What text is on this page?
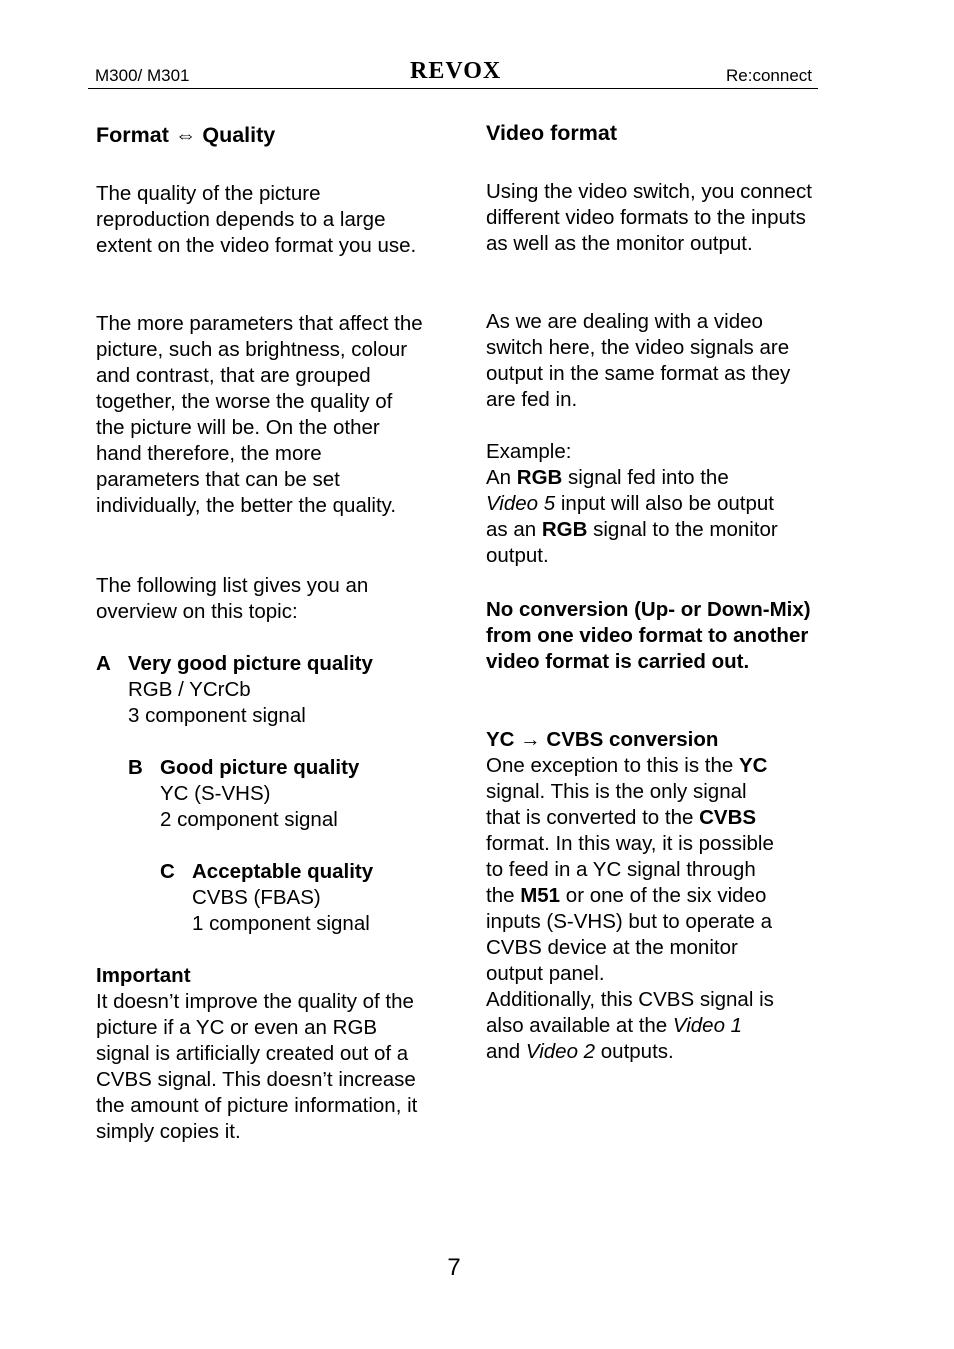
M300/ M301	REVOX	Re:connect
Format ⇔ Quality

The quality of the picture reproduction depends to a large extent on the video format you use.

The more parameters that affect the picture, such as brightness, colour and contrast, that are grouped together, the worse the quality of the picture will be. On the other hand therefore, the more parameters that can be set individually, the better the quality.

The following list gives you an overview on this topic:

A Very good picture quality
RGB / YCrCb
3 component signal
B Good picture quality
YC (S-VHS)
2 component signal
C Acceptable quality
CVBS (FBAS)
1 component signal
Important

It doesn’t improve the quality of the picture if a YC or even an RGB signal is artificially created out of a CVBS signal. This doesn’t increase the amount of picture information, it simply copies it.

Video format

Using the video switch, you connect different video formats to the inputs as well as the monitor output.

As we are dealing with a video switch here, the video signals are output in the same format as they are fed in.

Example:
An RGB signal fed into the
Video 5 input will also be output
as an RGB signal to the monitor
output.

No conversion (Up- or Down-Mix) from one video format to another video format is carried out.

YC → CVBS conversion
One exception to this is the YC
signal. This is the only signal
that is converted to the CVBS
format. In this way, it is possible
to feed in a YC signal through
the M51 or one of the six video
inputs (S-VHS) but to operate a
CVBS device at the monitor
output panel.
Additionally, this CVBS signal is
also available at the Video 1
and Video 2 outputs.
7
